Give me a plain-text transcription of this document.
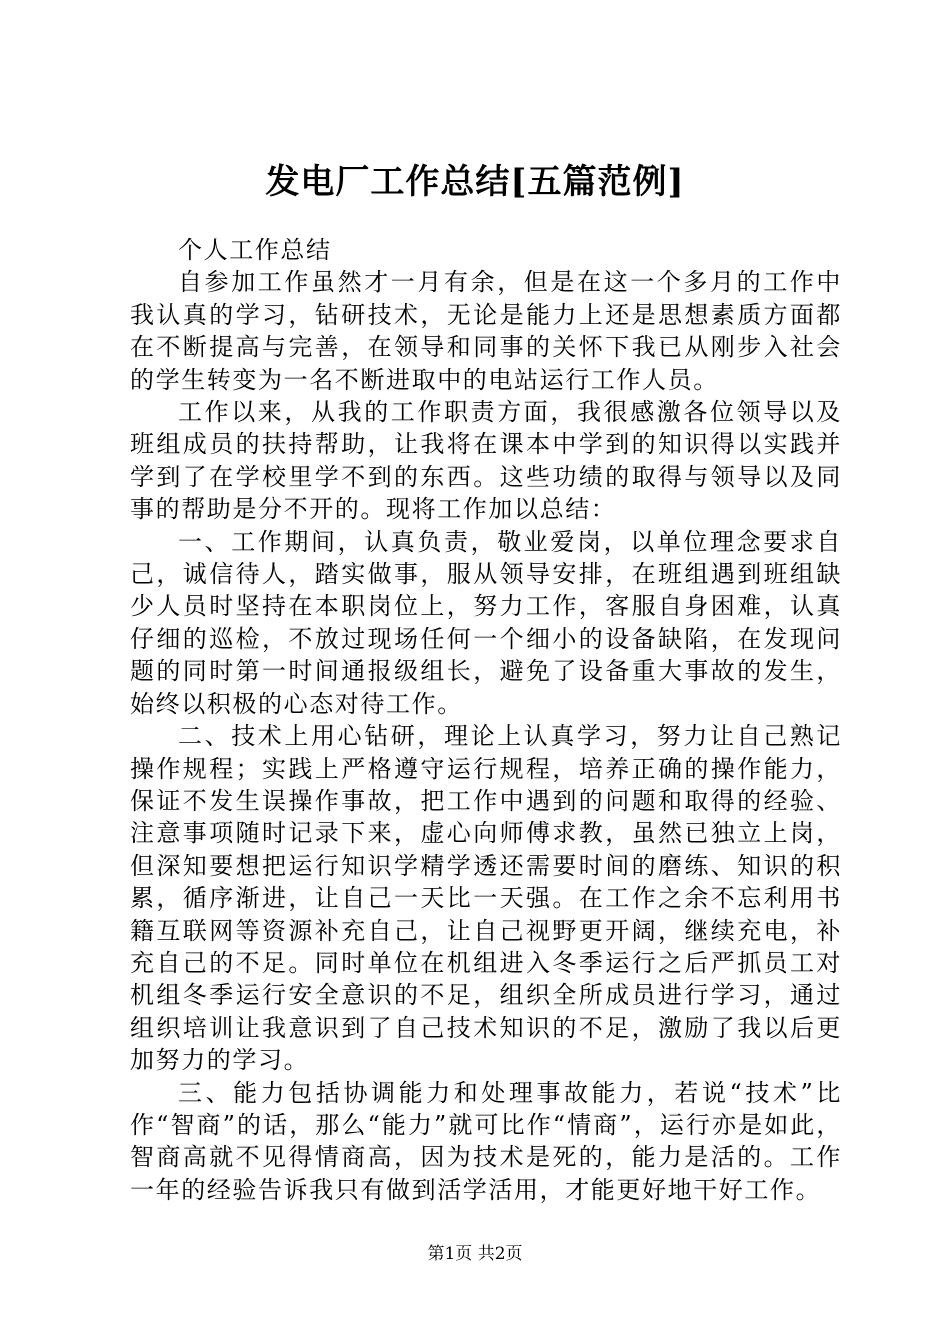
发电厂工作总结[五篇范例]

个人工作总结

自参加工作虽然才一月有余，但是在这一个多月的工作中我认真的学习，钻研技术，无论是能力上还是思想素质方面都在不断提高与完善，在领导和同事的关怀下我已从刚步入社会的学生转变为一名不断进取中的电站运行工作人员。

工作以来，从我的工作职责方面，我很感激各位领导以及班组成员的扶持帮助，让我将在课本中学到的知识得以实践并学到了在学校里学不到的东西。这些功绩的取得与领导以及同事的帮助是分不开的。现将工作加以总结：

一、工作期间，认真负责，敬业爱岗，以单位理念要求自己，诚信待人，踏实做事，服从领导安排，在班组遇到班组缺少人员时坚持在本职岗位上，努力工作，客服自身困难，认真仔细的巡检，不放过现场任何一个细小的设备缺陷，在发现问题的同时第一时间通报级组长，避免了设备重大事故的发生，始终以积极的心态对待工作。

二、技术上用心钻研，理论上认真学习，努力让自己熟记操作规程；实践上严格遵守运行规程，培养正确的操作能力，保证不发生误操作事故，把工作中遇到的问题和取得的经验、注意事项随时记录下来，虚心向师傅求教，虽然已独立上岗，但深知要想把运行知识学精学透还需要时间的磨练、知识的积累，循序渐进，让自己一天比一天强。在工作之余不忘利用书籍互联网等资源补充自己，让自己视野更开阔，继续充电，补充自己的不足。同时单位在机组进入冬季运行之后严抓员工对机组冬季运行安全意识的不足，组织全所成员进行学习，通过组织培训让我意识到了自己技术知识的不足，激励了我以后更加努力的学习。

三、能力包括协调能力和处理事故能力，若说“技术”比作“智商”的话，那么“能力”就可比作“情商”，运行亦是如此，智商高就不见得情商高，因为技术是死的，能力是活的。工作一年的经验告诉我只有做到活学活用，才能更好地干好工作。

第1页 共2页
